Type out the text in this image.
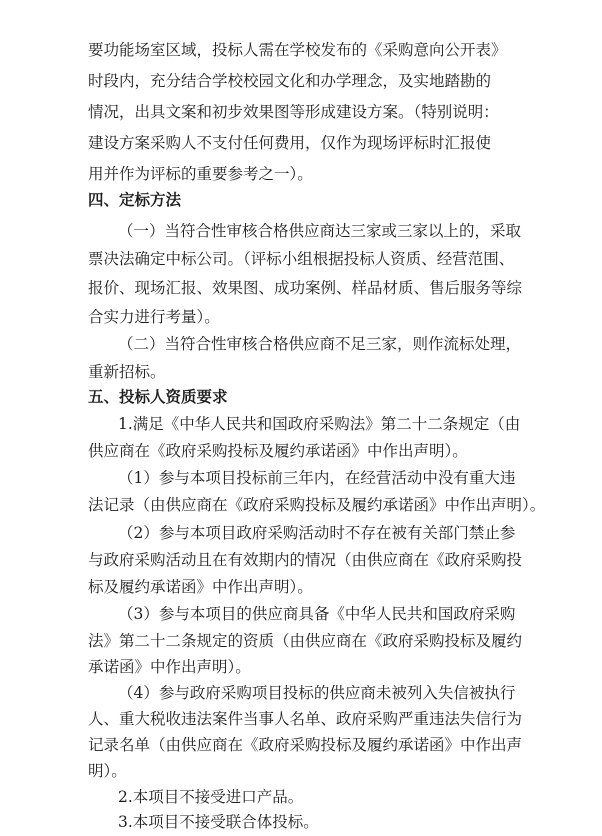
要功能场室区域，投标人需在学校发布的《采购意向公开表》
时段内，充分结合学校校园文化和办学理念，及实地踏勘的
情况，出具文案和初步效果图等形成建设方案。（特别说明：
建设方案采购人不支付任何费用，仅作为现场评标时汇报使
用并作为评标的重要参考之一）。
四、定标方法
（一）当符合性审核合格供应商达三家或三家以上的，采取
票决法确定中标公司。（评标小组根据投标人资质、经营范围、
报价、现场汇报、效果图、成功案例、样品材质、售后服务等综
合实力进行考量）。
（二）当符合性审核合格供应商不足三家，则作流标处理，
重新招标。
五、投标人资质要求
1.满足《中华人民共和国政府采购法》第二十二条规定（由
供应商在《政府采购投标及履约承诺函》中作出声明）。
（1）参与本项目投标前三年内，在经营活动中没有重大违
法记录（由供应商在《政府采购投标及履约承诺函》中作出声明）。
（2）参与本项目政府采购活动时不存在被有关部门禁止参
与政府采购活动且在有效期内的情况（由供应商在《政府采购投
标及履约承诺函》中作出声明）。
（3）参与本项目的供应商具备《中华人民共和国政府采购
法》第二十二条规定的资质（由供应商在《政府采购投标及履约
承诺函》中作出声明）。
（4）参与政府采购项目投标的供应商未被列入失信被执行
人、重大税收违法案件当事人名单、政府采购严重违法失信行为
记录名单（由供应商在《政府采购投标及履约承诺函》中作出声
明）。
2.本项目不接受进口产品。
3.本项目不接受联合体投标。
